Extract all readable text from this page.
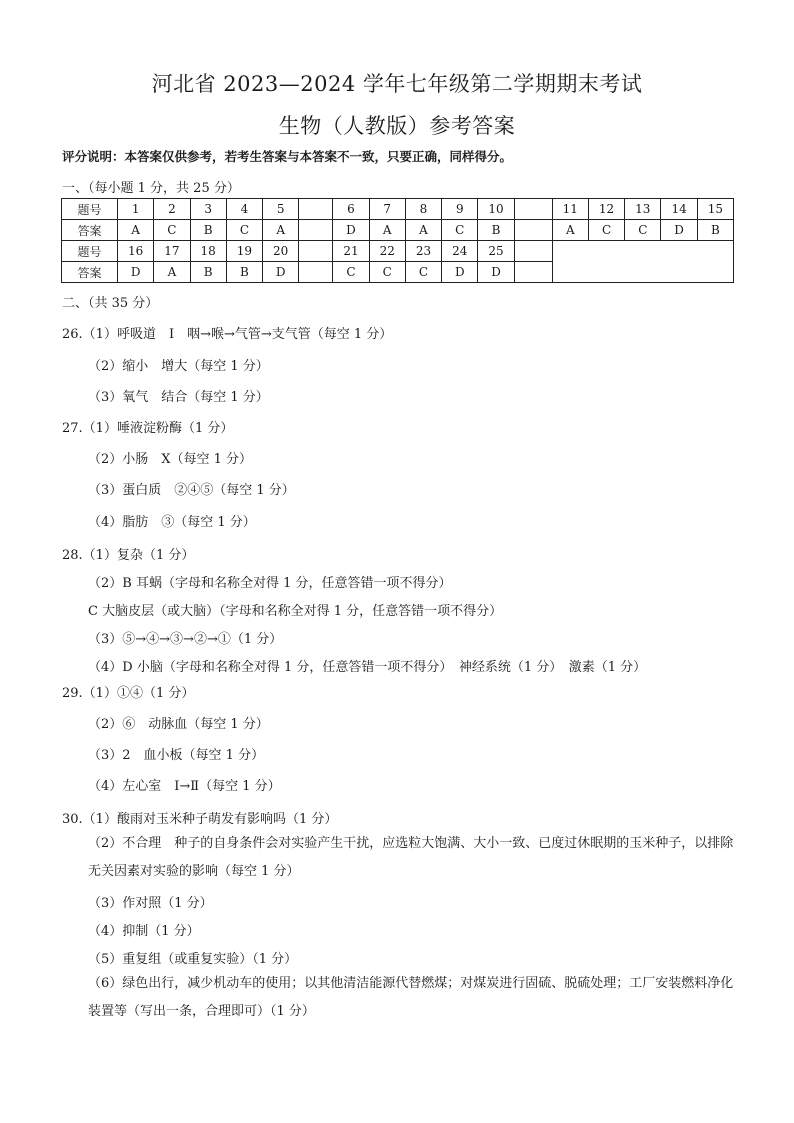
河北省 2023—2024 学年七年级第二学期期末考试
生物（人教版）参考答案
评分说明：本答案仅供参考，若考生答案与本答案不一致，只要正确，同样得分。
一、（每小题 1 分，共 25 分）
题号	1	2	3	4	5		6	7	8	9	10		11	12	13	14	15
答案	A	C	B	C	A		D	A	A	C	B		A	C	C	D	B
题号	16	17	18	19	20		21	22	23	24	25						
答案	D	A	B	B	D		C	C	C	D	D						
二、（共 35 分）
26.（1）呼吸道　Ⅰ　咽→喉→气管→支气管（每空 1 分）
（2）缩小　增大（每空 1 分）
（3）氧气　结合（每空 1 分）
27.（1）唾液淀粉酶（1 分）
（2）小肠　X（每空 1 分）
（3）蛋白质　②④⑤（每空 1 分）
（4）脂肪　③（每空 1 分）
28.（1）复杂（1 分）
（2）B 耳蜗（字母和名称全对得 1 分，任意答错一项不得分）
C 大脑皮层（或大脑）（字母和名称全对得 1 分，任意答错一项不得分）
（3）⑤→④→③→②→①（1 分）
（4）D 小脑（字母和名称全对得 1 分，任意答错一项不得分）　神经系统（1 分）　激素（1 分）
29.（1）①④（1 分）
（2）⑥　动脉血（每空 1 分）
（3）2　血小板（每空 1 分）
（4）左心室　Ⅰ→Ⅱ（每空 1 分）
30.（1）酸雨对玉米种子萌发有影响吗（1 分）
（2）不合理　种子的自身条件会对实验产生干扰，应选粒大饱满、大小一致、已度过休眠期的玉米种子，以排除无关因素对实验的影响（每空 1 分）
（3）作对照（1 分）
（4）抑制（1 分）
（5）重复组（或重复实验）（1 分）
（6）绿色出行，减少机动车的使用；以其他清洁能源代替燃煤；对煤炭进行固硫、脱硫处理；工厂安装燃料净化装置等（写出一条，合理即可）（1 分）
